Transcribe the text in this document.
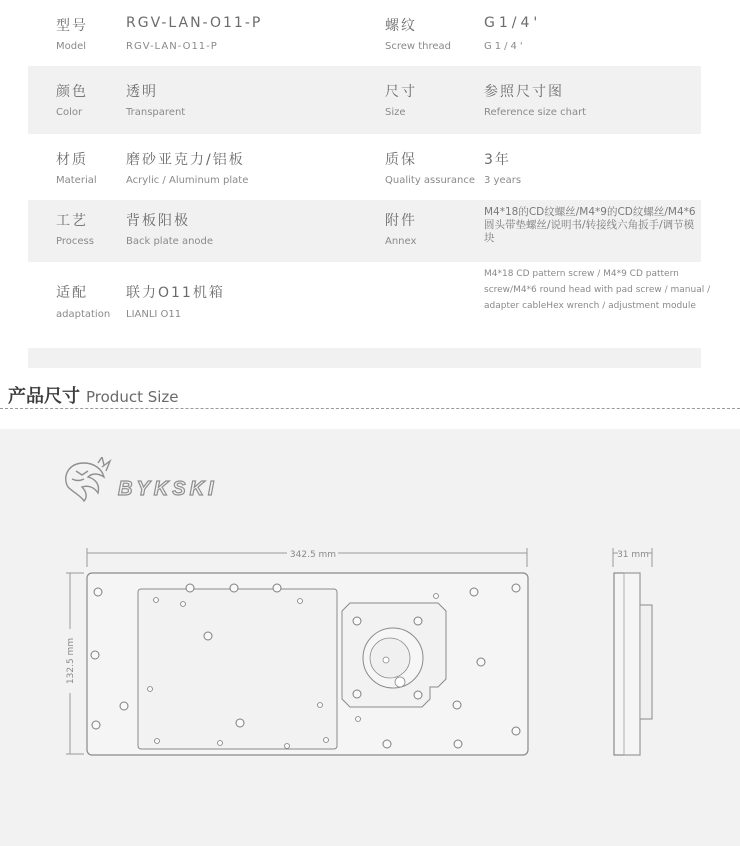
型号
Model
RGV-LAN-O11-P
RGV-LAN-O11-P
螺纹
Screw thread
G1/4'
G1/4'
颜色
Color
透明
Transparent
尺寸
Size
参照尺寸图
Reference size chart
材质
Material
磨砂亚克力/铝板
Acrylic / Aluminum plate
质保
Quality assurance
3年
3 years
工艺
Process
背板阳极
Back plate anode
附件
Annex
M4*18的CD纹螺丝/M4*9的CD纹螺丝/M4*6圆头带垫螺丝/说明书/转接线六角扳手/调节模块
适配
adaptation
联力O11机箱
LIANLI O11
M4*18 CD pattern screw / M4*9 CD pattern screw/M4*6 round head with pad screw / manual / adapter cableHex wrench / adjustment module
产品尺寸 Product Size
BYKSKI
342.5 mm
132.5 mm
31 mm
